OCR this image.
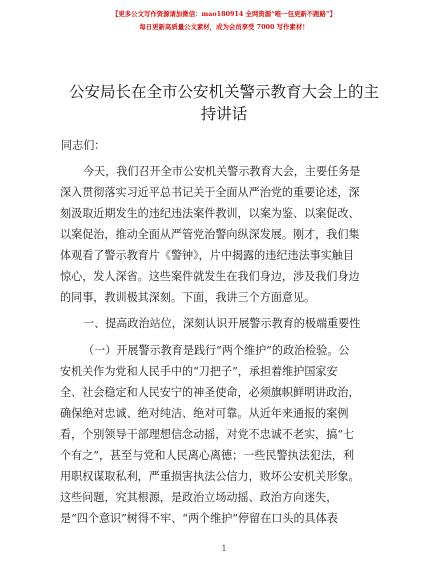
【更多公文写作资源请加微信：mao180914 全网资源“唯一包更新不跑路”】
每日更新高质量公文素材，成为会员享受 7000 写作素材！
公安局长在全市公安机关警示教育大会上的主
持讲话
同志们：
今天，我们召开全市公安机关警示教育大会，主要任务是
深入贯彻落实习近平总书记关于全面从严治党的重要论述，深
刻汲取近期发生的违纪违法案件教训，以案为鉴、以案促改、
以案促治，推动全面从严管党治警向纵深发展。刚才，我们集
体观看了警示教育片《警钟》，片中揭露的违纪违法事实触目
惊心，发人深省。这些案件就发生在我们身边，涉及我们身边
的同事，教训极其深刻。下面，我讲三个方面意见。
一、提高政治站位，深刻认识开展警示教育的极端重要性
（一）开展警示教育是践行“两个维护”的政治检验。公
安机关作为党和人民手中的“刀把子”，承担着维护国家安
全、社会稳定和人民安宁的神圣使命，必须旗帜鲜明讲政治，
确保绝对忠诚、绝对纯洁、绝对可靠。从近年来通报的案例
看，个别领导干部理想信念动摇，对党不忠诚不老实，搞“七
个有之”，甚至与党和人民离心离德；一些民警执法犯法，利
用职权谋取私利，严重损害执法公信力，败坏公安机关形象。
这些问题，究其根源，是政治立场动摇、政治方向迷失，
是“四个意识”树得不牢、“两个维护”停留在口头的具体表
1
